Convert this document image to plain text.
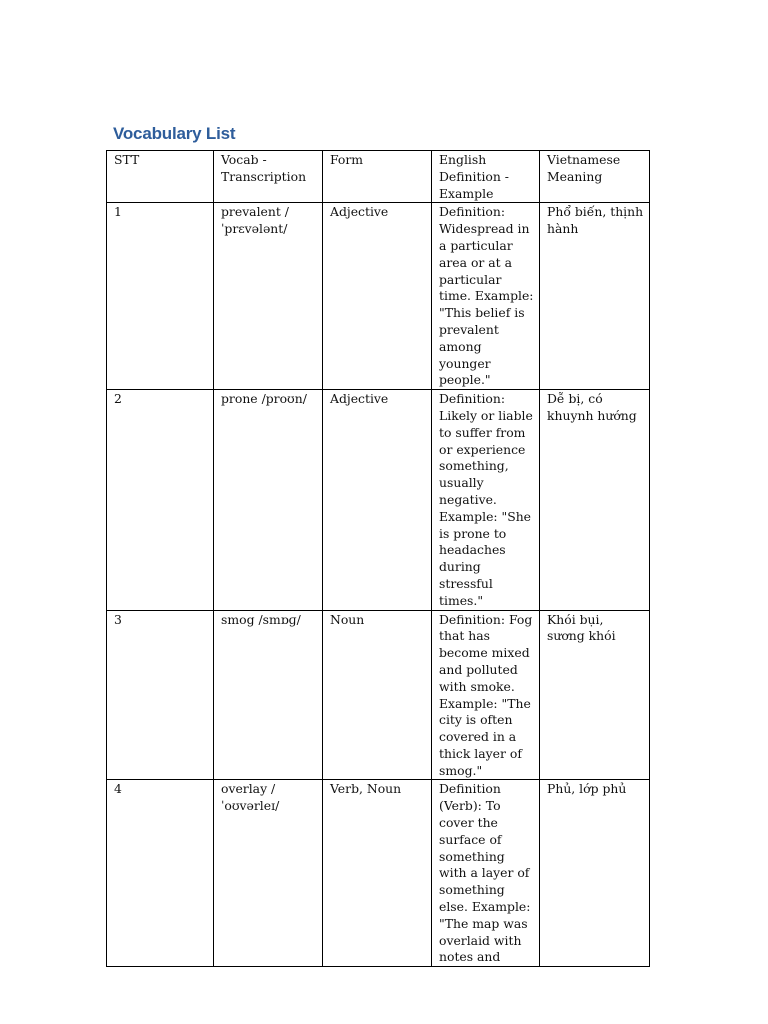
Vocabulary List
STT	Vocab - Transcription	Form	English Definition - Example	Vietnamese Meaning
1	prevalent /ˈprɛvələnt/	Adjective	Definition: Widespread in a particular area or at a particular time. Example: "This belief is prevalent among younger people."	Phổ biến, thịnh hành
2	prone /proʊn/	Adjective	Definition: Likely or liable to suffer from or experience something, usually negative. Example: "She is prone to headaches during stressful times."	Dễ bị, có khuynh hướng
3	smog /smɒɡ/	Noun	Definition: Fog that has become mixed and polluted with smoke. Example: "The city is often covered in a thick layer of smog."	Khói bụi, sương khói
4	overlay /ˈoʊvərleɪ/	Verb, Noun	Definition (Verb): To cover the surface of something with a layer of something else. Example: "The map was overlaid with notes and	Phủ, lớp phủ
